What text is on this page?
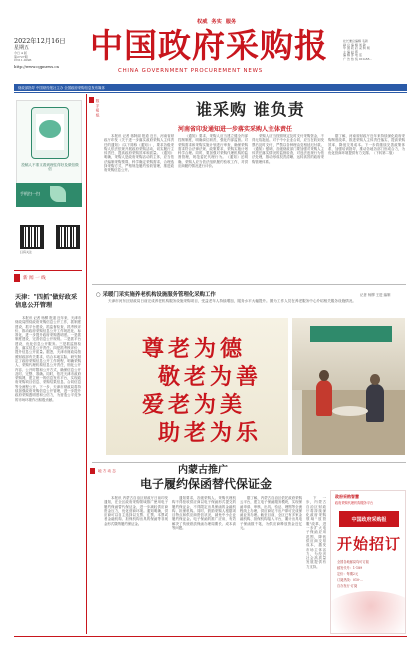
2022年12月16日
星期五
今日 4 版
第2727期
CN11-0096
http://www.cgpnews.cn
权威 务实 服务
中国政府采购报
CHINA GOVERNMENT PROCUREMENT NEWS
社长兼总编辑 毛新
副 总 编 辑 刘 敏
中 国 政 府 采 购 网
主 编 赵 霞
编 辑 部 电 话
广 告 热 线 010-88...
财政部指导 中国财经报社主办 全国政府采购信息发布媒体
数 字 报 纸
投稿人不准又看到理住得好及微信微信
手机扫一扫
扫码关注
新 闻 一 线
天津："四抓"做好政采信息公开管理

本报讯 记者 杨柳 报道 近年来，天津市财政局围绕政府采购信息公开工作，抓制度建设、抓平台建设、抓监督检查、抓考核评价，推动政府采购信息公开工作规范化、标准化，进一步提升政府采购透明度。一是抓制度建设，完善信息公开规则。二是抓平台建设，优化信息公开服务。三是抓监督检查，落实信息公开责任。四是抓考核评价，提升信息公开质量。据悉，天津市财政局按照财政部有关要求，结合本地实际，研究制定了政府采购信息公开工作规程，明确采购人、采购代理机构信息公开责任，细化公开内容、公开时限和公开方式，确保信息公开及时、完整、准确。同时，依托天津市政府采购网，建立统一的信息发布平台，实现政府采购项目信息、采购结果信息、合同信息等全流程公开。下一步，天津市财政局将持续加强政府采购信息公开管理，进一步提升政府采购透明度和公信力，为营造公平竞争的市场环境作出积极贡献。

谁采购 谁负责
河南省印发通知进一步落实采购人主体责任

本报讯 记者 蒋阿丽 报道 近日，河南省财政厅印发《关于进一步落实政府采购人主体责任的通知》（以下简称《通知》），要求各级采购人依法依规开展政府采购活动，切实履行主体责任，提高政府采购效率和质量。《通知》明确，采购人是政府采购活动的主体，应当依法编制采购预算，科学确定采购需求，合理选择采购方式，严格规范履约验收管理，推进政府采购信息公开。

《通知》要求，采购人应当建立健全内部控制制度，明确岗位职责，强化内部监督。对采购需求和采购实施计划进行审查，确保采购需求符合法律法规、政策要求，采购实施计划科学合理。同时，要加强对采购代理机构的监督管理，规范委托代理行为。《通知》还明确，采购人应当依法组织履约验收工作，对供应商履约情况进行评价。

采购人应当按照规定及时支付采购资金，不得无故拖延。对于中小企业合同，应当在收到发票后及时支付，严禁以各种理由变相延迟付款。《通知》强调，各级财政部门要加强对采购人主体责任落实情况的监督检查，对违法违规行为依法处理，推动形成权责清晰、运转高效的政府采购管理体系。

据了解，河南省财政厅近年来持续深化政府采购制度改革，推进采购人主体责任落实，提高采购效率，降低交易成本。下一步将继续完善政策体系，加强培训指导，推动各地各部门形成合力，为优化营商环境提供有力支撑。（下转第二版）

○ 采暖门采实施养老机构设施服务管理化采购工作	记者 杨柳 王进 编制
天津市河东区财政局日前完成养老机构服务设施采购项目，受益老年人持续增加，服务水平大幅提升。图为工作人员在养老服务中心介绍相关服务设施情况。
尊老为德
敬老为善
爱老为美
助老为乐
地 方 动 态	内蒙古推广
电子履约保函替代保证金

本报讯 内蒙古自治区财政厅日前印发通知，在全区政府采购领域推广使用电子履约保函替代保证金，进一步减轻供应商资金压力，优化营商环境。通知明确，供应商可以自主选择以支票、汇票、本票或者金融机构、担保机构出具的保函等非现金形式缴纳履约保证金。

通知要求，各级采购人、采购代理机构不得拒收供应商以电子保函形式提交的履约保证金，不得限定出具保函的金融机构、担保机构。同时，鼓励采购人根据项目特点和供应商资信状况，减免中小企业履约保证金。电子保函的推广应用，有效解决了传统纸质保函办理周期长、成本高等问题。

据了解，内蒙古自治区依托政府采购云平台，建立电子保函服务模块，实现保函申请、审核、出具、验证、理赔等全流程线上办理，供应商足不出户即可完成保函业务办理。截至目前，全区已有多家金融机构、担保机构接入平台，累计出具电子保函数千笔，为供应商释放资金近亿元。

下一步，内蒙古自治区财政厅将持续深化政府采购领域"放管服"改革，进一步扩大电子保函应用范围，降低供应商交易成本，激发市场主体活力，为经济社会高质量发展提供有力支持。

政府采购智慧
政府采购代理机构服务平台
中国政府采购报
开始招订
全国各地邮局均可订阅
邮发代号：1-189
定价：每期2元
订阅热线：010-...
自办发行·订阅
